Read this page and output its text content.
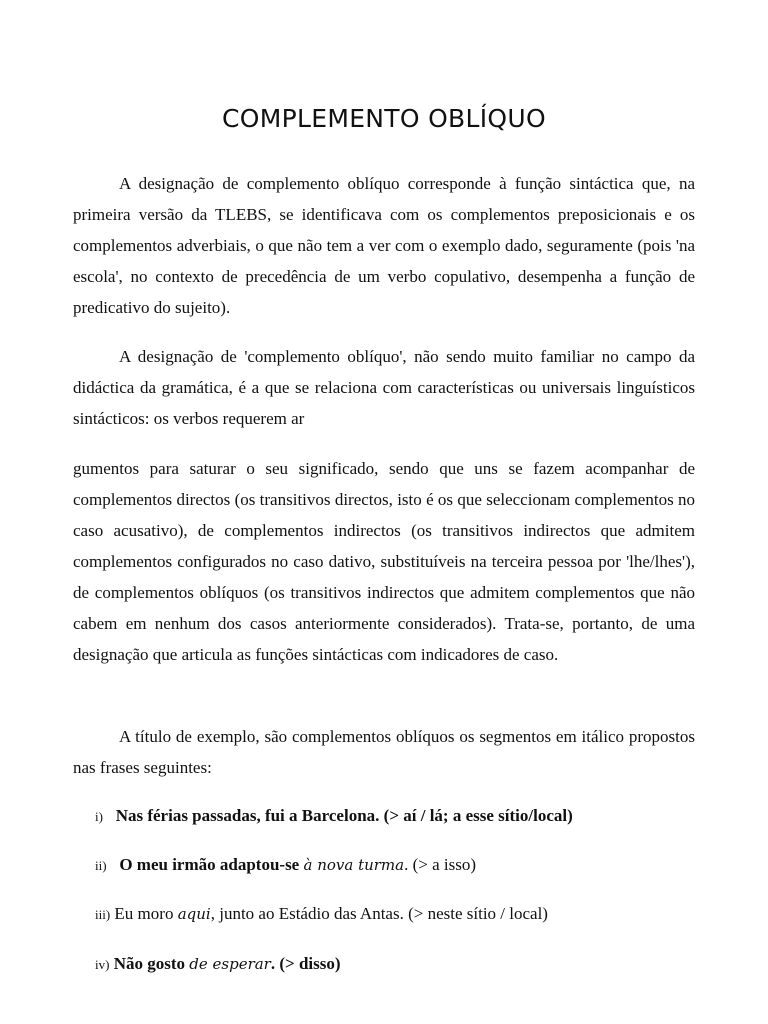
COMPLEMENTO OBLÍQUO

A designação de complemento oblíquo corresponde à função sintáctica que, na primeira versão da TLEBS, se identificava com os complementos preposicionais e os complementos adverbiais, o que não tem a ver com o exemplo dado, seguramente (pois 'na escola', no contexto de precedência de um verbo copulativo, desempenha a função de predicativo do sujeito).

A designação de 'complemento oblíquo', não sendo muito familiar no campo da didáctica da gramática, é a que se relaciona com características ou universais linguísticos sintácticos: os verbos requerem ar

gumentos para saturar o seu significado, sendo que uns se fazem acompanhar de complementos directos (os transitivos directos, isto é os que seleccionam complementos no caso acusativo), de complementos indirectos (os transitivos indirectos que admitem complementos configurados no caso dativo, substituíveis na terceira pessoa por 'lhe/lhes'), de complementos oblíquos (os transitivos indirectos que admitem complementos que não cabem em nenhum dos casos anteriormente considerados). Trata-se, portanto, de uma designação que articula as funções sintácticas com indicadores de caso.

A título de exemplo, são complementos oblíquos os segmentos em itálico propostos nas frases seguintes:

i) Nas férias passadas, fui a Barcelona. (> aí / lá; a esse sítio/local)
ii) O meu irmão adaptou-se à nova turma. (> a isso)
iii) Eu moro aqui, junto ao Estádio das Antas. (> neste sítio / local)
iv) Não gosto de esperar. (> disso)
